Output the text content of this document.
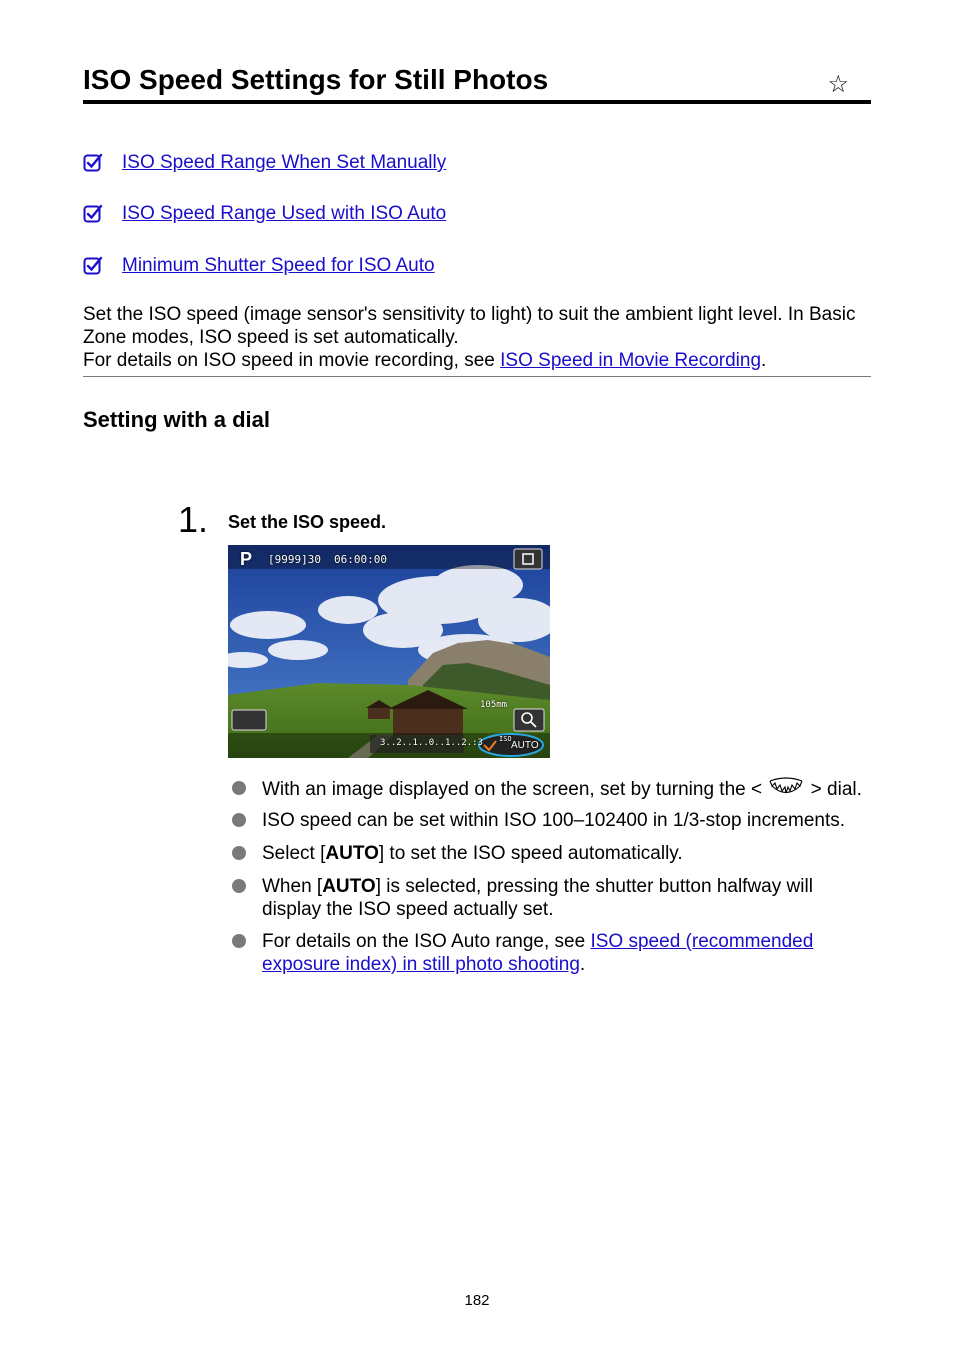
ISO Speed Settings for Still Photos	☆
ISO Speed Range When Set Manually
ISO Speed Range Used with ISO Auto
Minimum Shutter Speed for ISO Auto

Set the ISO speed (image sensor's sensitivity to light) to suit the ambient light level. In Basic Zone modes, ISO speed is set automatically.

For details on ISO speed in movie recording, see ISO Speed in Movie Recording.

Setting with a dial
1. Set the ISO speed.
P [9999]30 06:00:00
105mm
3..2..1..0..1..2.:3 ISO
AUTO
With an image displayed on the screen, set by turning the <  > dial.
ISO speed can be set within ISO 100–102400 in 1/3-stop increments.
Select [AUTO] to set the ISO speed automatically.
When [AUTO] is selected, pressing the shutter button halfway will display the ISO speed actually set.
For details on the ISO Auto range, see ISO speed (recommended exposure index) in still photo shooting.
182
